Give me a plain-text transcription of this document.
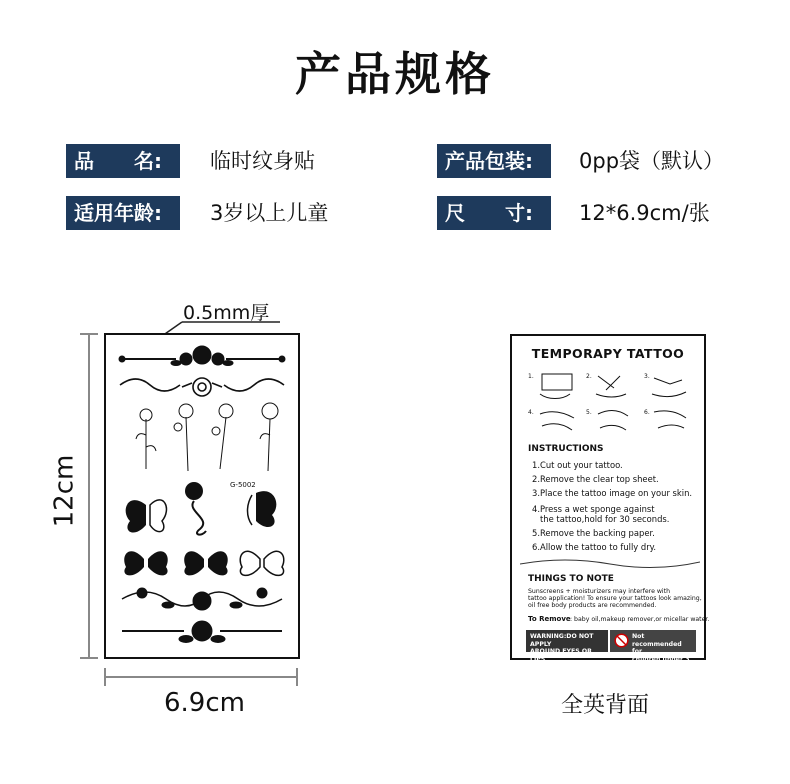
产品规格
品　　名:	临时纹身贴	产品包装:	0pp袋（默认）
适用年龄:	3岁以上儿童	尺　　寸:	12*6.9cm/张
0.5mm厚
12cm
6.9cm
G-5002
TEMPORAPY TATTOO
1.	2.	3.
4.	5.	6.
INSTRUCTIONS
1.Cut out your tattoo.
2.Remove the clear top sheet.
3.Place the tattoo image on your skin.
4.Press a wet sponge against
the tattoo,hold for 30 seconds.
5.Remove the backing paper.
6.Allow the tattoo to fully dry.
THINGS TO NOTE
Sunscreens + moisturizers may interfere with
tattoo application! To ensure your tattoos look amazing,
oil free body products are recommended.
To Remove : baby oil,makeup remover,or micellar water.
WARNING:DO NOT APPLY
AROUND EYES OR LIPS
Not recommended for
children under 3 years!
全英背面
